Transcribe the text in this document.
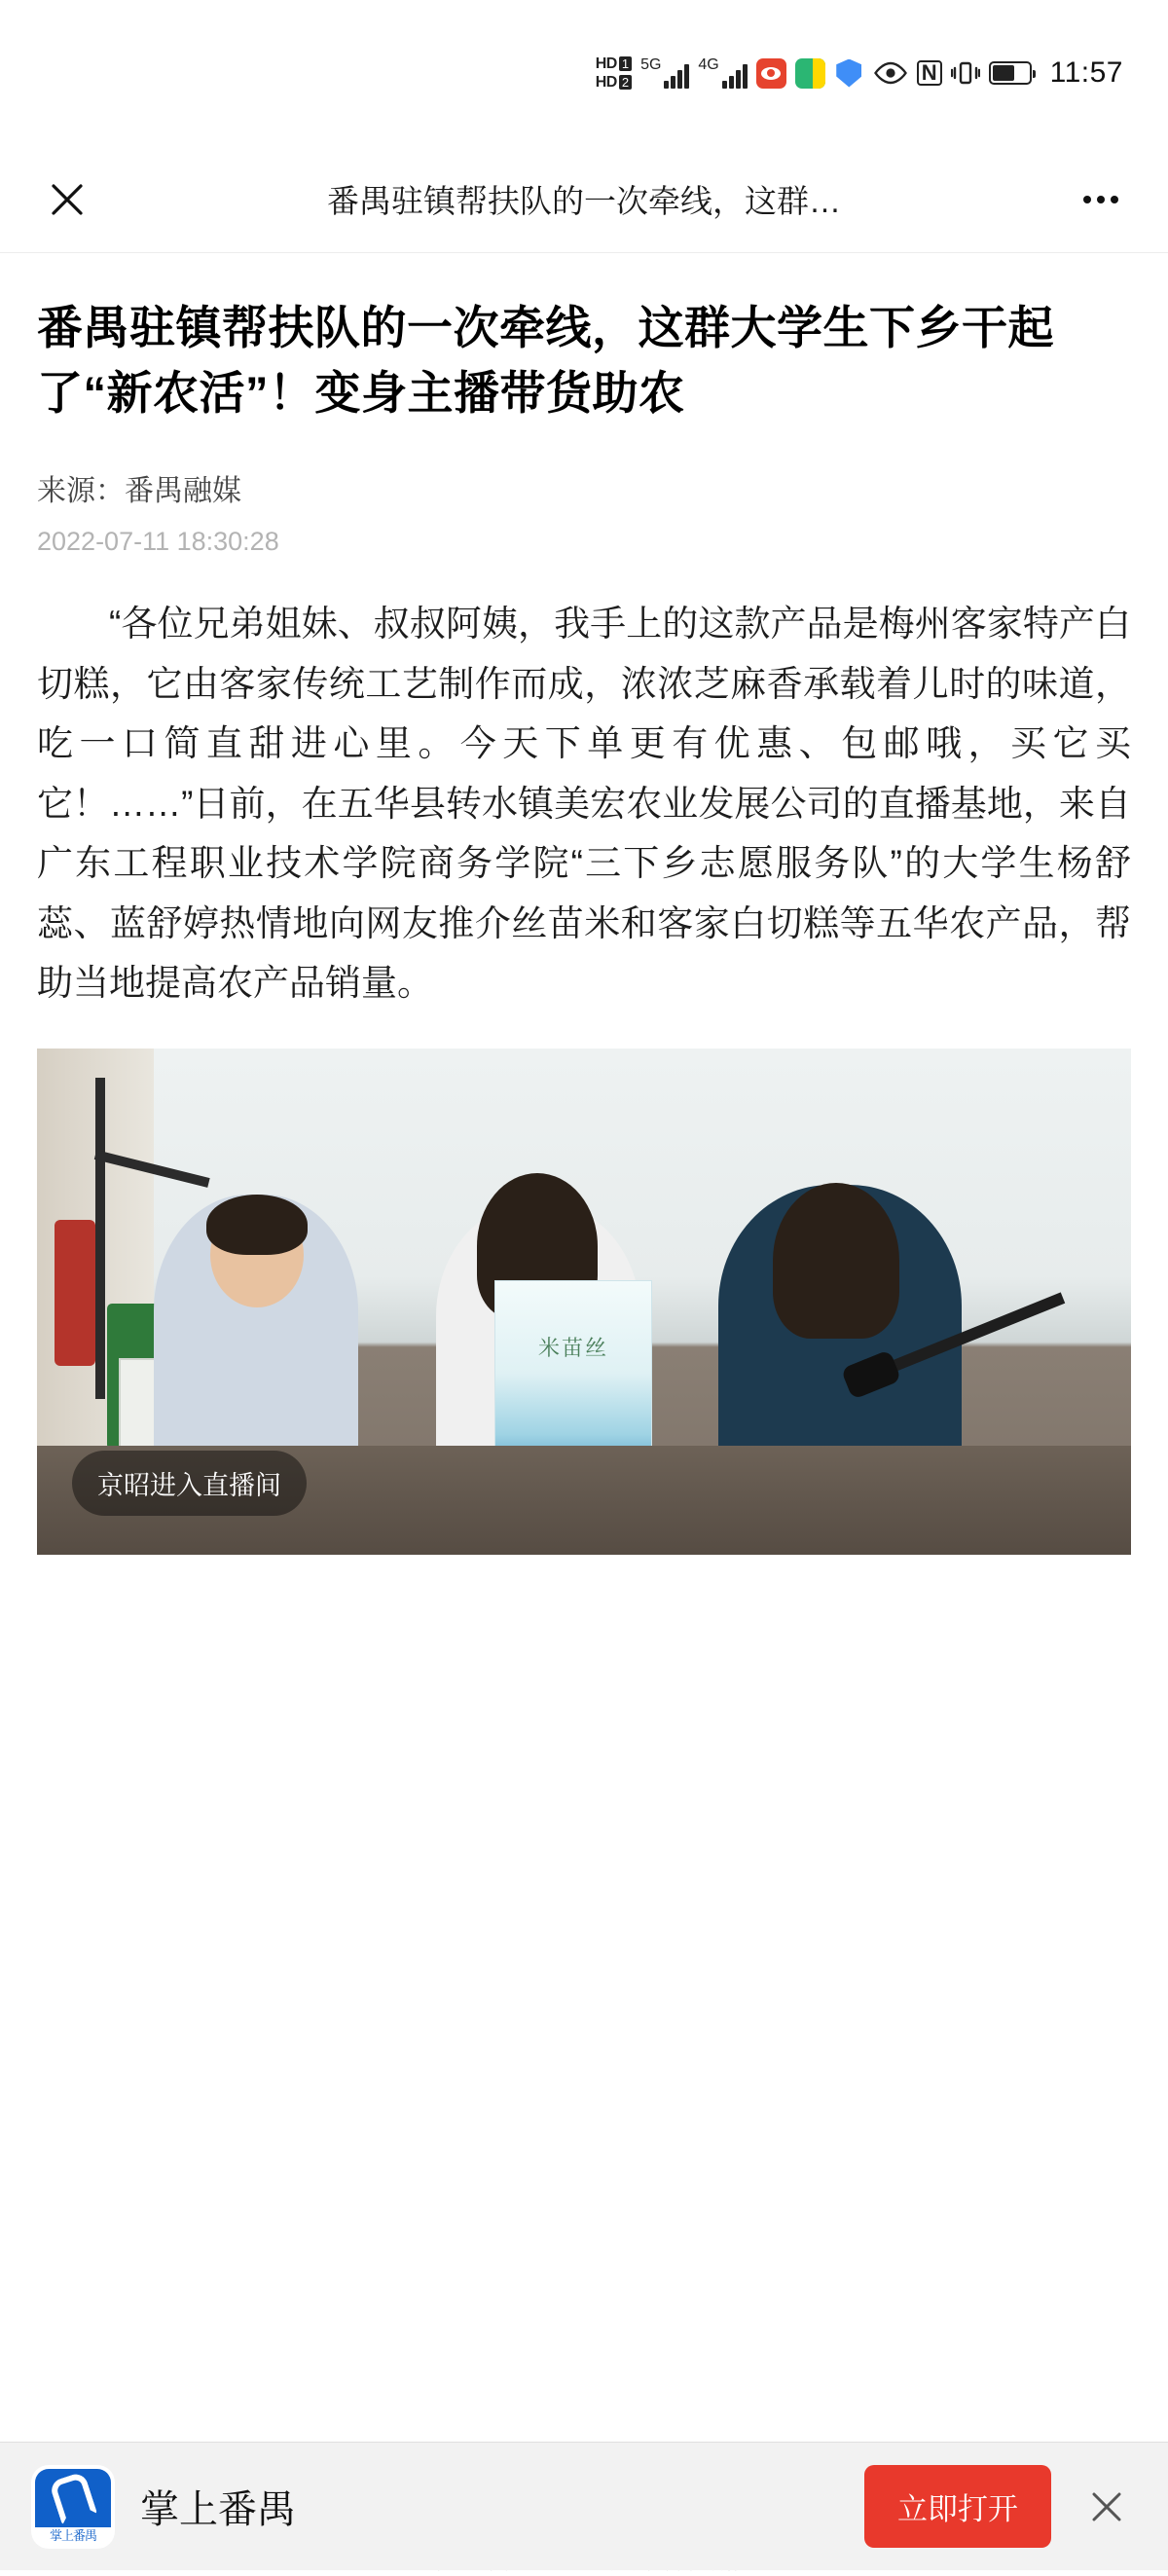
HD 1
HD 2
5G 4G	N	11:57
番禺驻镇帮扶队的一次牵线，这群…
番禺驻镇帮扶队的一次牵线，这群大学生下乡干起了“新农活”！变身主播带货助农
来源：番禺融媒
2022-07-11 18:30:28

“各位兄弟姐妹、叔叔阿姨，我手上的这款产品是梅州客家特产白切糕，它由客家传统工艺制作而成，浓浓芝麻香承载着儿时的味道，吃一口简直甜进心里。今天下单更有优惠、包邮哦，买它买它！……”日前，在五华县转水镇美宏农业发展公司的直播基地，来自广东工程职业技术学院商务学院“三下乡志愿服务队”的大学生杨舒蕊、蓝舒婷热情地向网友推介丝苗米和客家白切糕等五华农产品，帮助当地提高农产品销量。

米苗丝
京昭进入直播间
掌上番禺
掌上番禺	立即打开
